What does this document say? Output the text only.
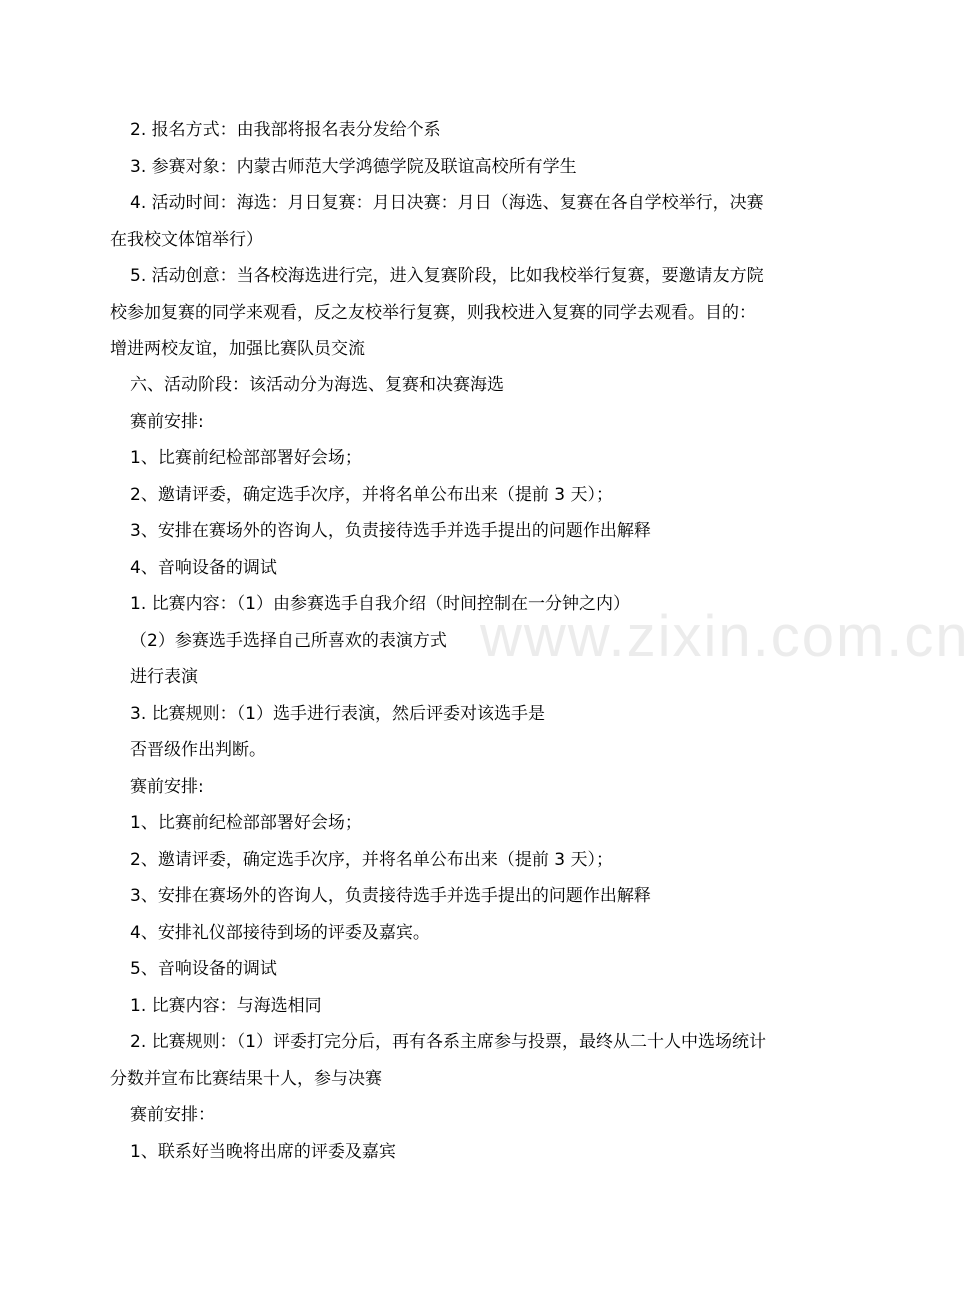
www.zixin.com.cn
2. 报名方式：由我部将报名表分发给个系
3. 参赛对象：内蒙古师范大学鸿德学院及联谊高校所有学生
4. 活动时间：海选：月日复赛：月日决赛：月日（海选、复赛在各自学校举行，决赛
在我校文体馆举行）
5. 活动创意：当各校海选进行完，进入复赛阶段，比如我校举行复赛，要邀请友方院
校参加复赛的同学来观看，反之友校举行复赛，则我校进入复赛的同学去观看。目的：
增进两校友谊，加强比赛队员交流
六、活动阶段：该活动分为海选、复赛和决赛海选
赛前安排:
1、比赛前纪检部部署好会场；
2、邀请评委，确定选手次序，并将名单公布出来（提前 3 天）；
3、安排在赛场外的咨询人，负责接待选手并选手提出的问题作出解释
4、音响设备的调试
1. 比赛内容：（1）由参赛选手自我介绍（时间控制在一分钟之内）
（2）参赛选手选择自己所喜欢的表演方式
进行表演
3. 比赛规则：（1）选手进行表演，然后评委对该选手是
否晋级作出判断。
赛前安排:
1、比赛前纪检部部署好会场；
2、邀请评委，确定选手次序，并将名单公布出来（提前 3 天）；
3、安排在赛场外的咨询人，负责接待选手并选手提出的问题作出解释
4、安排礼仪部接待到场的评委及嘉宾。
5、音响设备的调试
1. 比赛内容：与海选相同
2. 比赛规则：（1）评委打完分后，再有各系主席参与投票，最终从二十人中选场统计
分数并宣布比赛结果十人，参与决赛
赛前安排：
1、联系好当晚将出席的评委及嘉宾
